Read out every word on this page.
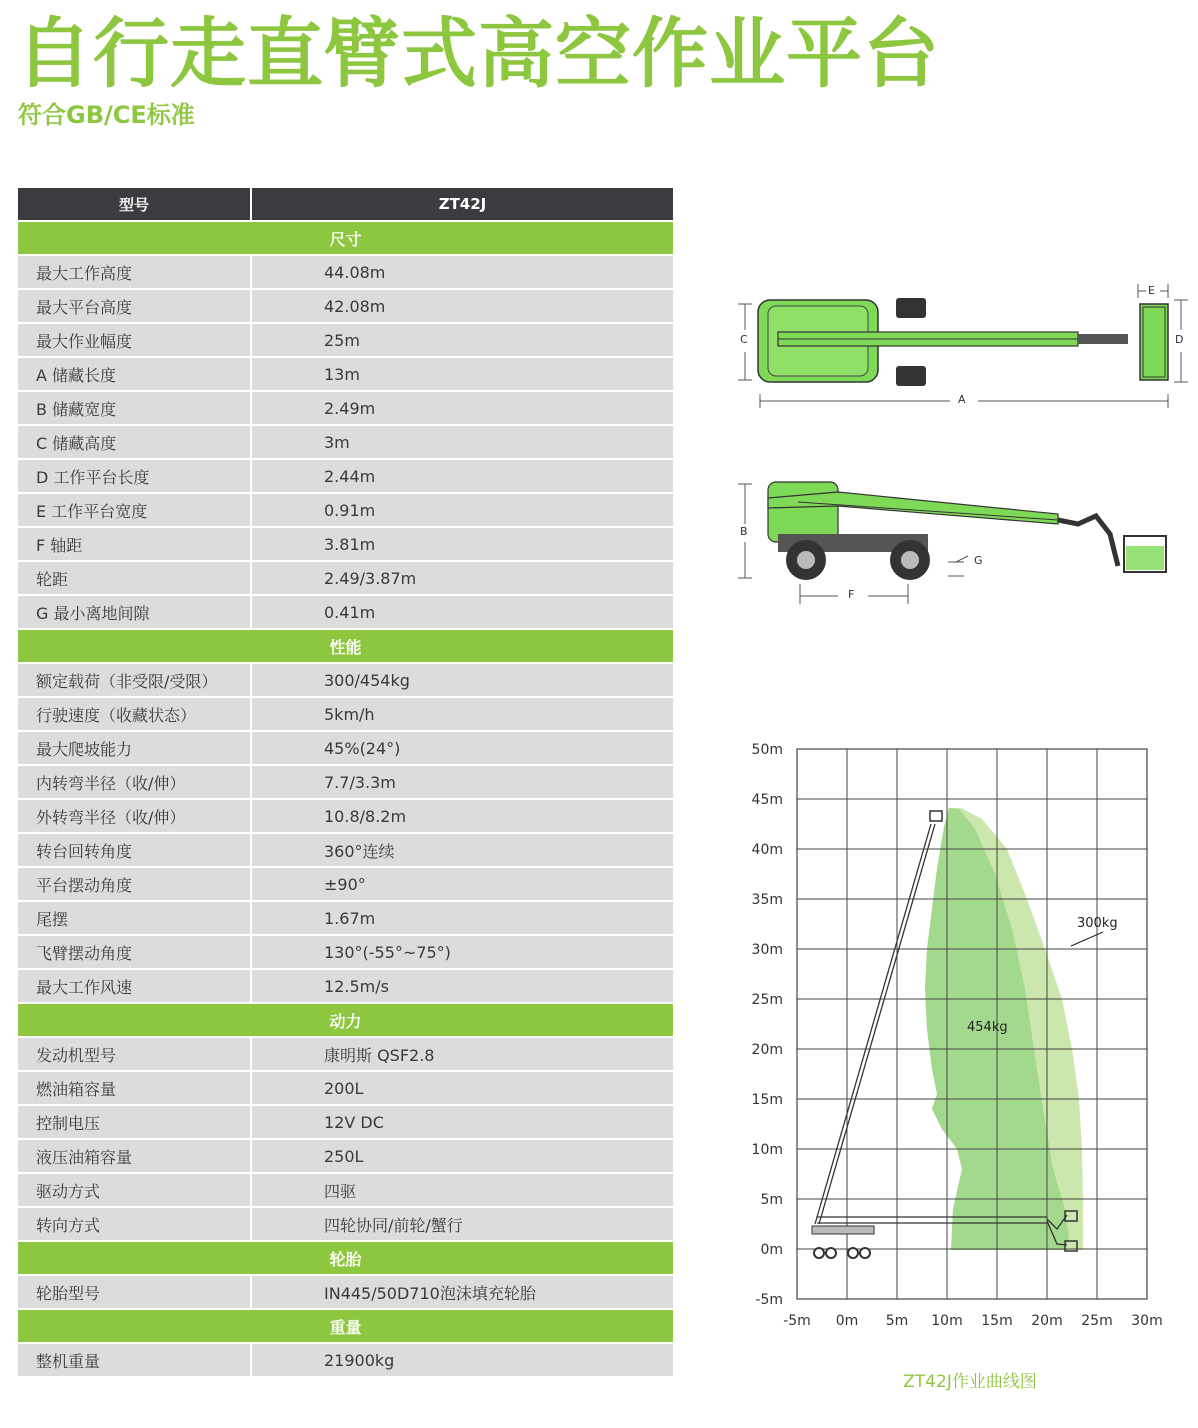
自行走直臂式高空作业平台
符合GB/CE标准
型号	ZT42J
尺寸	
最大工作高度	44.08m
最大平台高度	42.08m
最大作业幅度	25m
A 储藏长度	13m
B 储藏宽度	2.49m
C 储藏高度	3m
D 工作平台长度	2.44m
E 工作平台宽度	0.91m
F 轴距	3.81m
轮距	2.49/3.87m
G 最小离地间隙	0.41m
性能	
额定载荷（非受限/受限）	300/454kg
行驶速度（收藏状态）	5km/h
最大爬坡能力	45%(24°)
内转弯半径（收/伸）	7.7/3.3m
外转弯半径（收/伸）	10.8/8.2m
转台回转角度	360°连续
平台摆动角度	±90°
尾摆	1.67m
飞臂摆动角度	130°(-55°~75°)
最大工作风速	12.5m/s
动力	
发动机型号	康明斯 QSF2.8
燃油箱容量	200L
控制电压	12V DC
液压油箱容量	250L
驱动方式	四驱
转向方式	四轮协同/前轮/蟹行
轮胎	
轮胎型号	IN445/50D710泡沫填充轮胎
重量	
整机重量	21900kg
C
A
E
D
B
F
G
-5m 0m 5m 10m 15m 20m 25m 30m
50m
45m
40m
35m
30m
25m
20m
15m
10m
5m
0m
-5m
300kg
454kg
ZT42J作业曲线图
